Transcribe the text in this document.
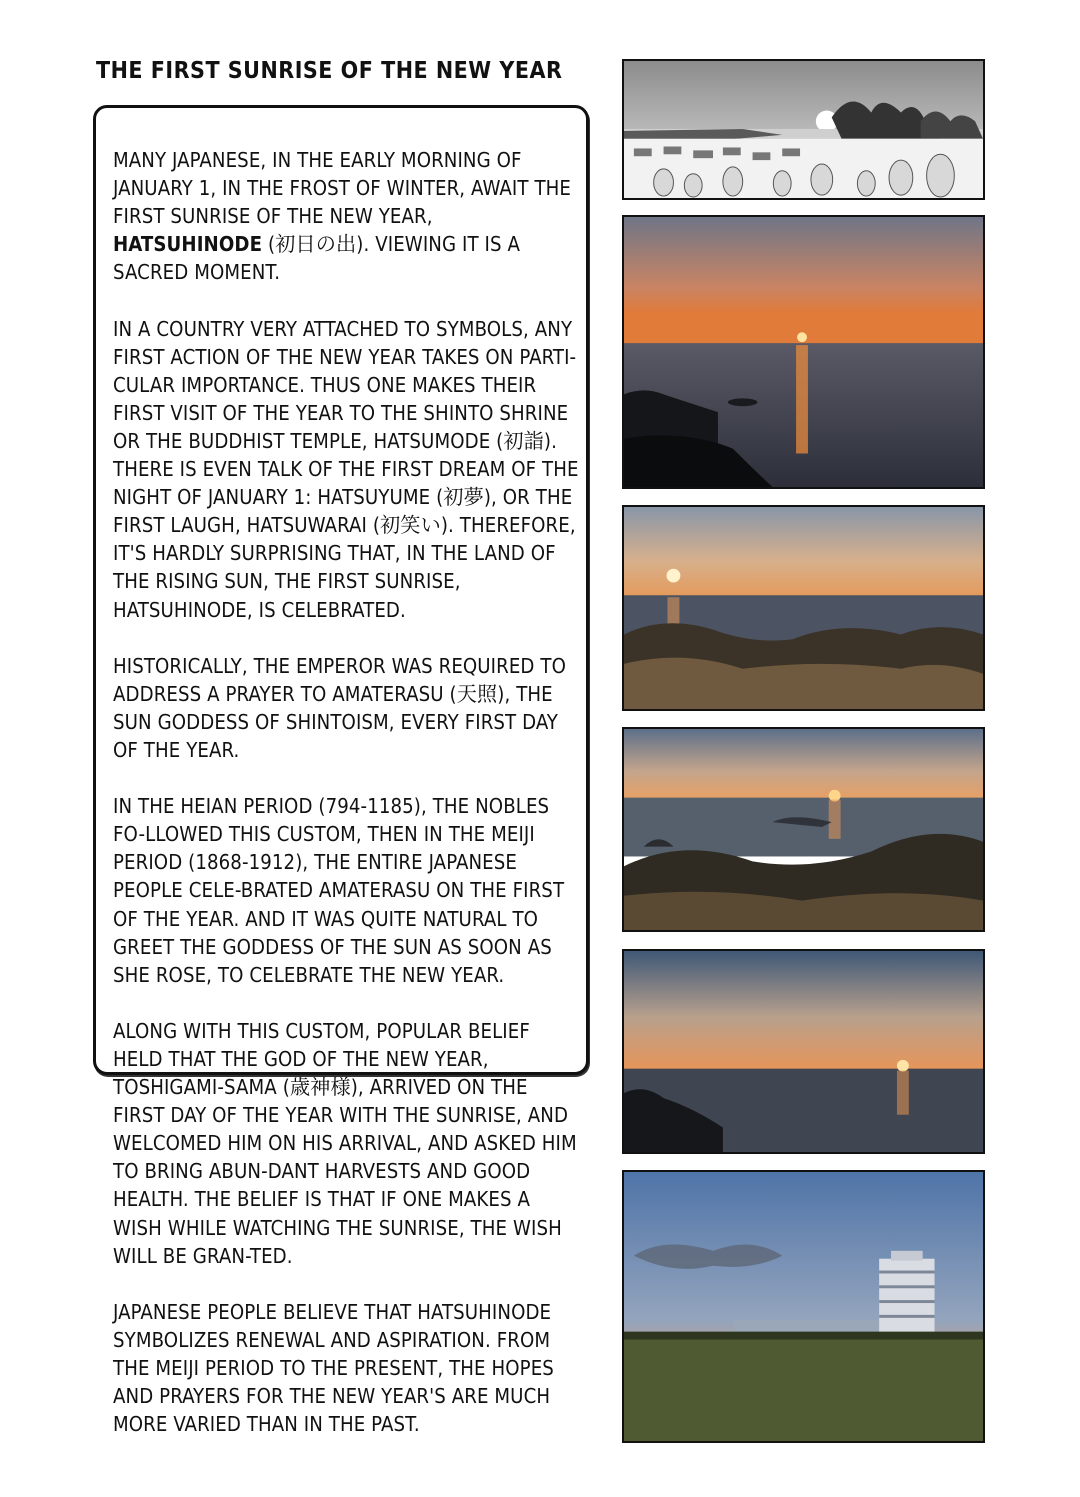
THE FIRST SUNRISE OF THE NEW YEAR

MANY JAPANESE, IN THE EARLY MORNING OF JANUARY 1, IN THE FROST OF WINTER, AWAIT THE FIRST SUNRISE OF THE NEW YEAR, HATSUHINODE (初日の出). VIEWING IT IS A SACRED MOMENT.

IN A COUNTRY VERY ATTACHED TO SYMBOLS, ANY FIRST ACTION OF THE NEW YEAR TAKES ON PARTI-CULAR IMPORTANCE. THUS ONE MAKES THEIR FIRST VISIT OF THE YEAR TO THE SHINTO SHRINE OR THE BUDDHIST TEMPLE, HATSUMODE (初詣). THERE IS EVEN TALK OF THE FIRST DREAM OF THE NIGHT OF JANUARY 1: HATSUYUME (初夢), OR THE FIRST LAUGH, HATSUWARAI (初笑い). THEREFORE, IT'S HARDLY SURPRISING THAT, IN THE LAND OF THE RISING SUN, THE FIRST SUNRISE, HATSUHINODE, IS CELEBRATED.

HISTORICALLY, THE EMPEROR WAS REQUIRED TO ADDRESS A PRAYER TO AMATERASU (天照), THE SUN GODDESS OF SHINTOISM, EVERY FIRST DAY OF THE YEAR.

IN THE HEIAN PERIOD (794-1185), THE NOBLES FO-LLOWED THIS CUSTOM, THEN IN THE MEIJI PERIOD (1868-1912), THE ENTIRE JAPANESE PEOPLE CELE-BRATED AMATERASU ON THE FIRST OF THE YEAR. AND IT WAS QUITE NATURAL TO GREET THE GODDESS OF THE SUN AS SOON AS SHE ROSE, TO CELEBRATE THE NEW YEAR.

ALONG WITH THIS CUSTOM, POPULAR BELIEF HELD THAT THE GOD OF THE NEW YEAR, TOSHIGAMI-SAMA (歳神様), ARRIVED ON THE FIRST DAY OF THE YEAR WITH THE SUNRISE, AND WELCOMED HIM ON HIS ARRIVAL, AND ASKED HIM TO BRING ABUN-DANT HARVESTS AND GOOD HEALTH. THE BELIEF IS THAT IF ONE MAKES A WISH WHILE WATCHING THE SUNRISE, THE WISH WILL BE GRAN-TED.

JAPANESE PEOPLE BELIEVE THAT HATSUHINODE SYMBOLIZES RENEWAL AND ASPIRATION. FROM THE MEIJI PERIOD TO THE PRESENT, THE HOPES AND PRAYERS FOR THE NEW YEAR'S ARE MUCH MORE VARIED THAN IN THE PAST.
